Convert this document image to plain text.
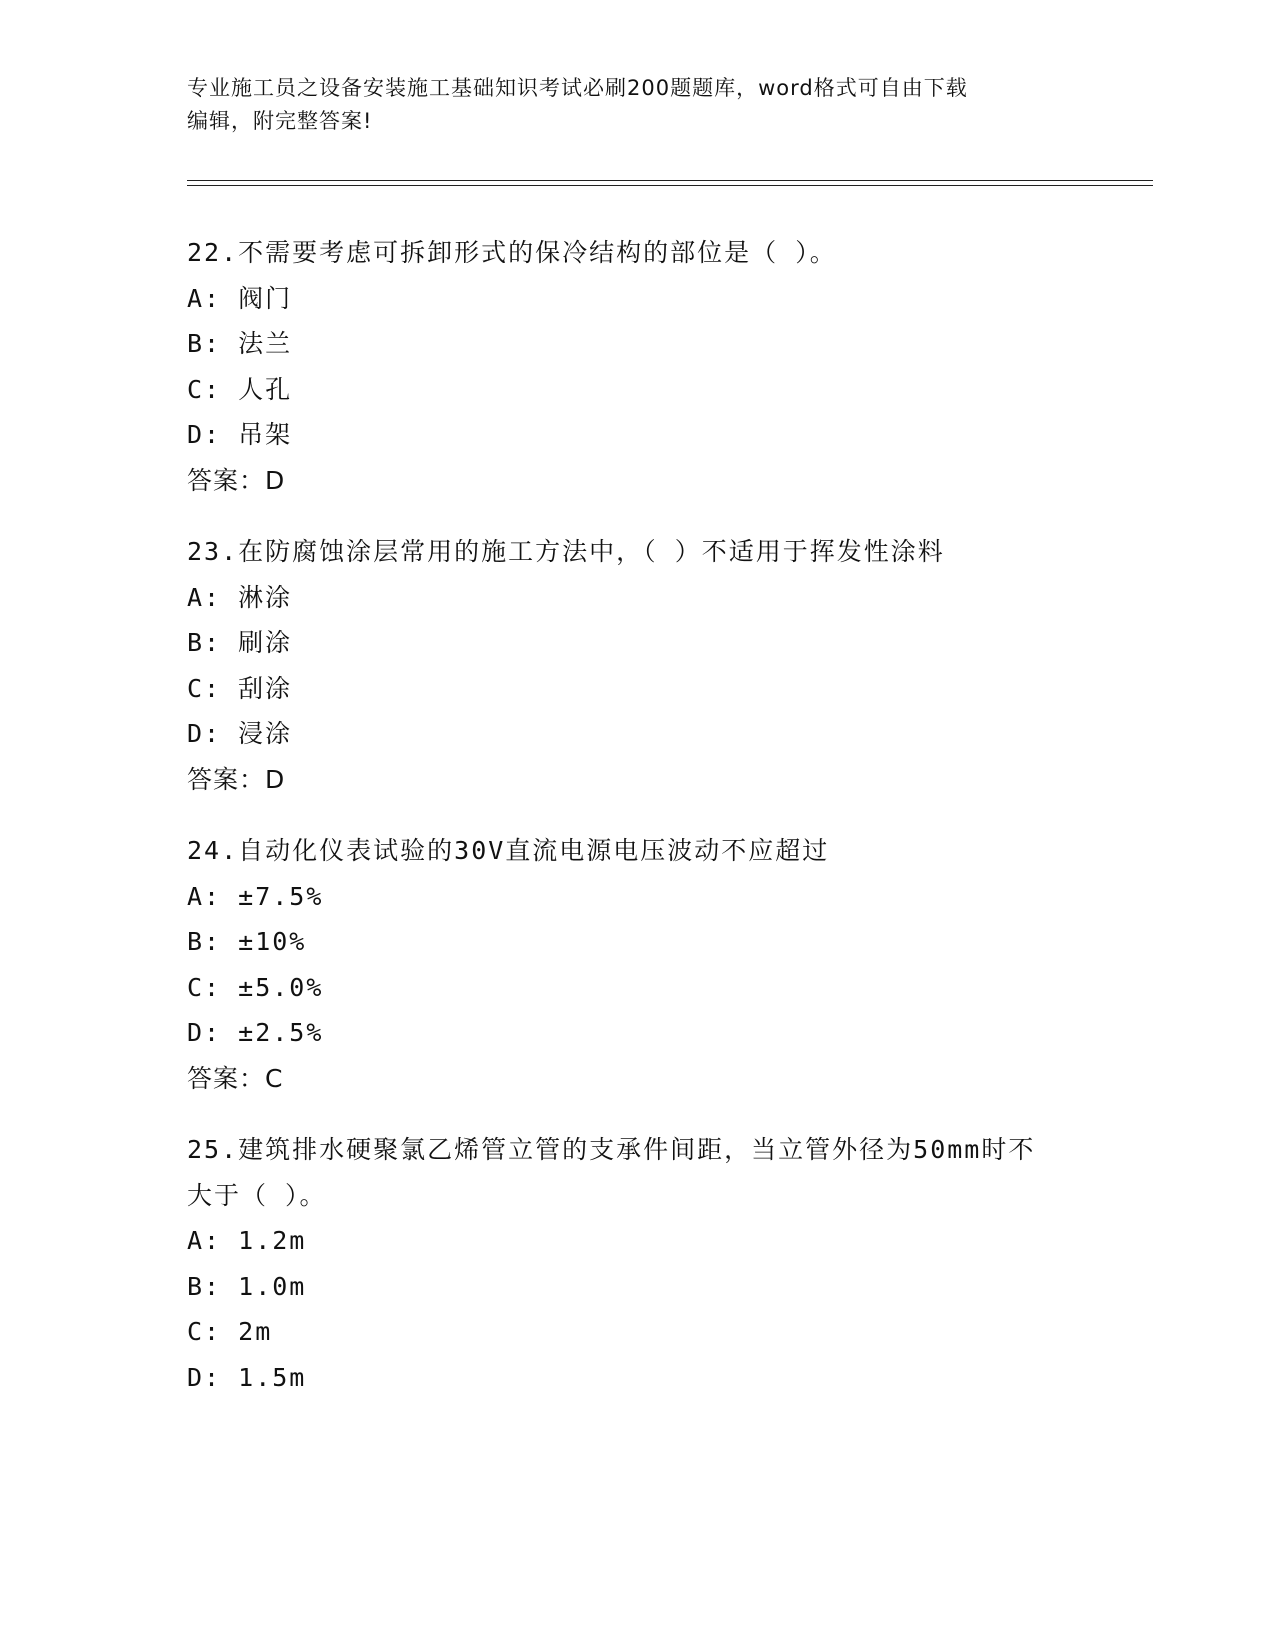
专业施工员之设备安装施工基础知识考试必刷200题题库，word格式可自由下载
编辑，附完整答案!
22.不需要考虑可拆卸形式的保冷结构的部位是（ ）。
A: 阀门
B: 法兰
C: 人孔
D: 吊架
答案：D
23.在防腐蚀涂层常用的施工方法中，（ ）不适用于挥发性涂料
A: 淋涂
B: 刷涂
C: 刮涂
D: 浸涂
答案：D
24.自动化仪表试验的30V直流电源电压波动不应超过
A: ±7.5%
B: ±10%
C: ±5.0%
D: ±2.5%
答案：C
25.建筑排水硬聚氯乙烯管立管的支承件间距，当立管外径为50mm时不大于（ ）。
A: 1.2m
B: 1.0m
C: 2m
D: 1.5m
